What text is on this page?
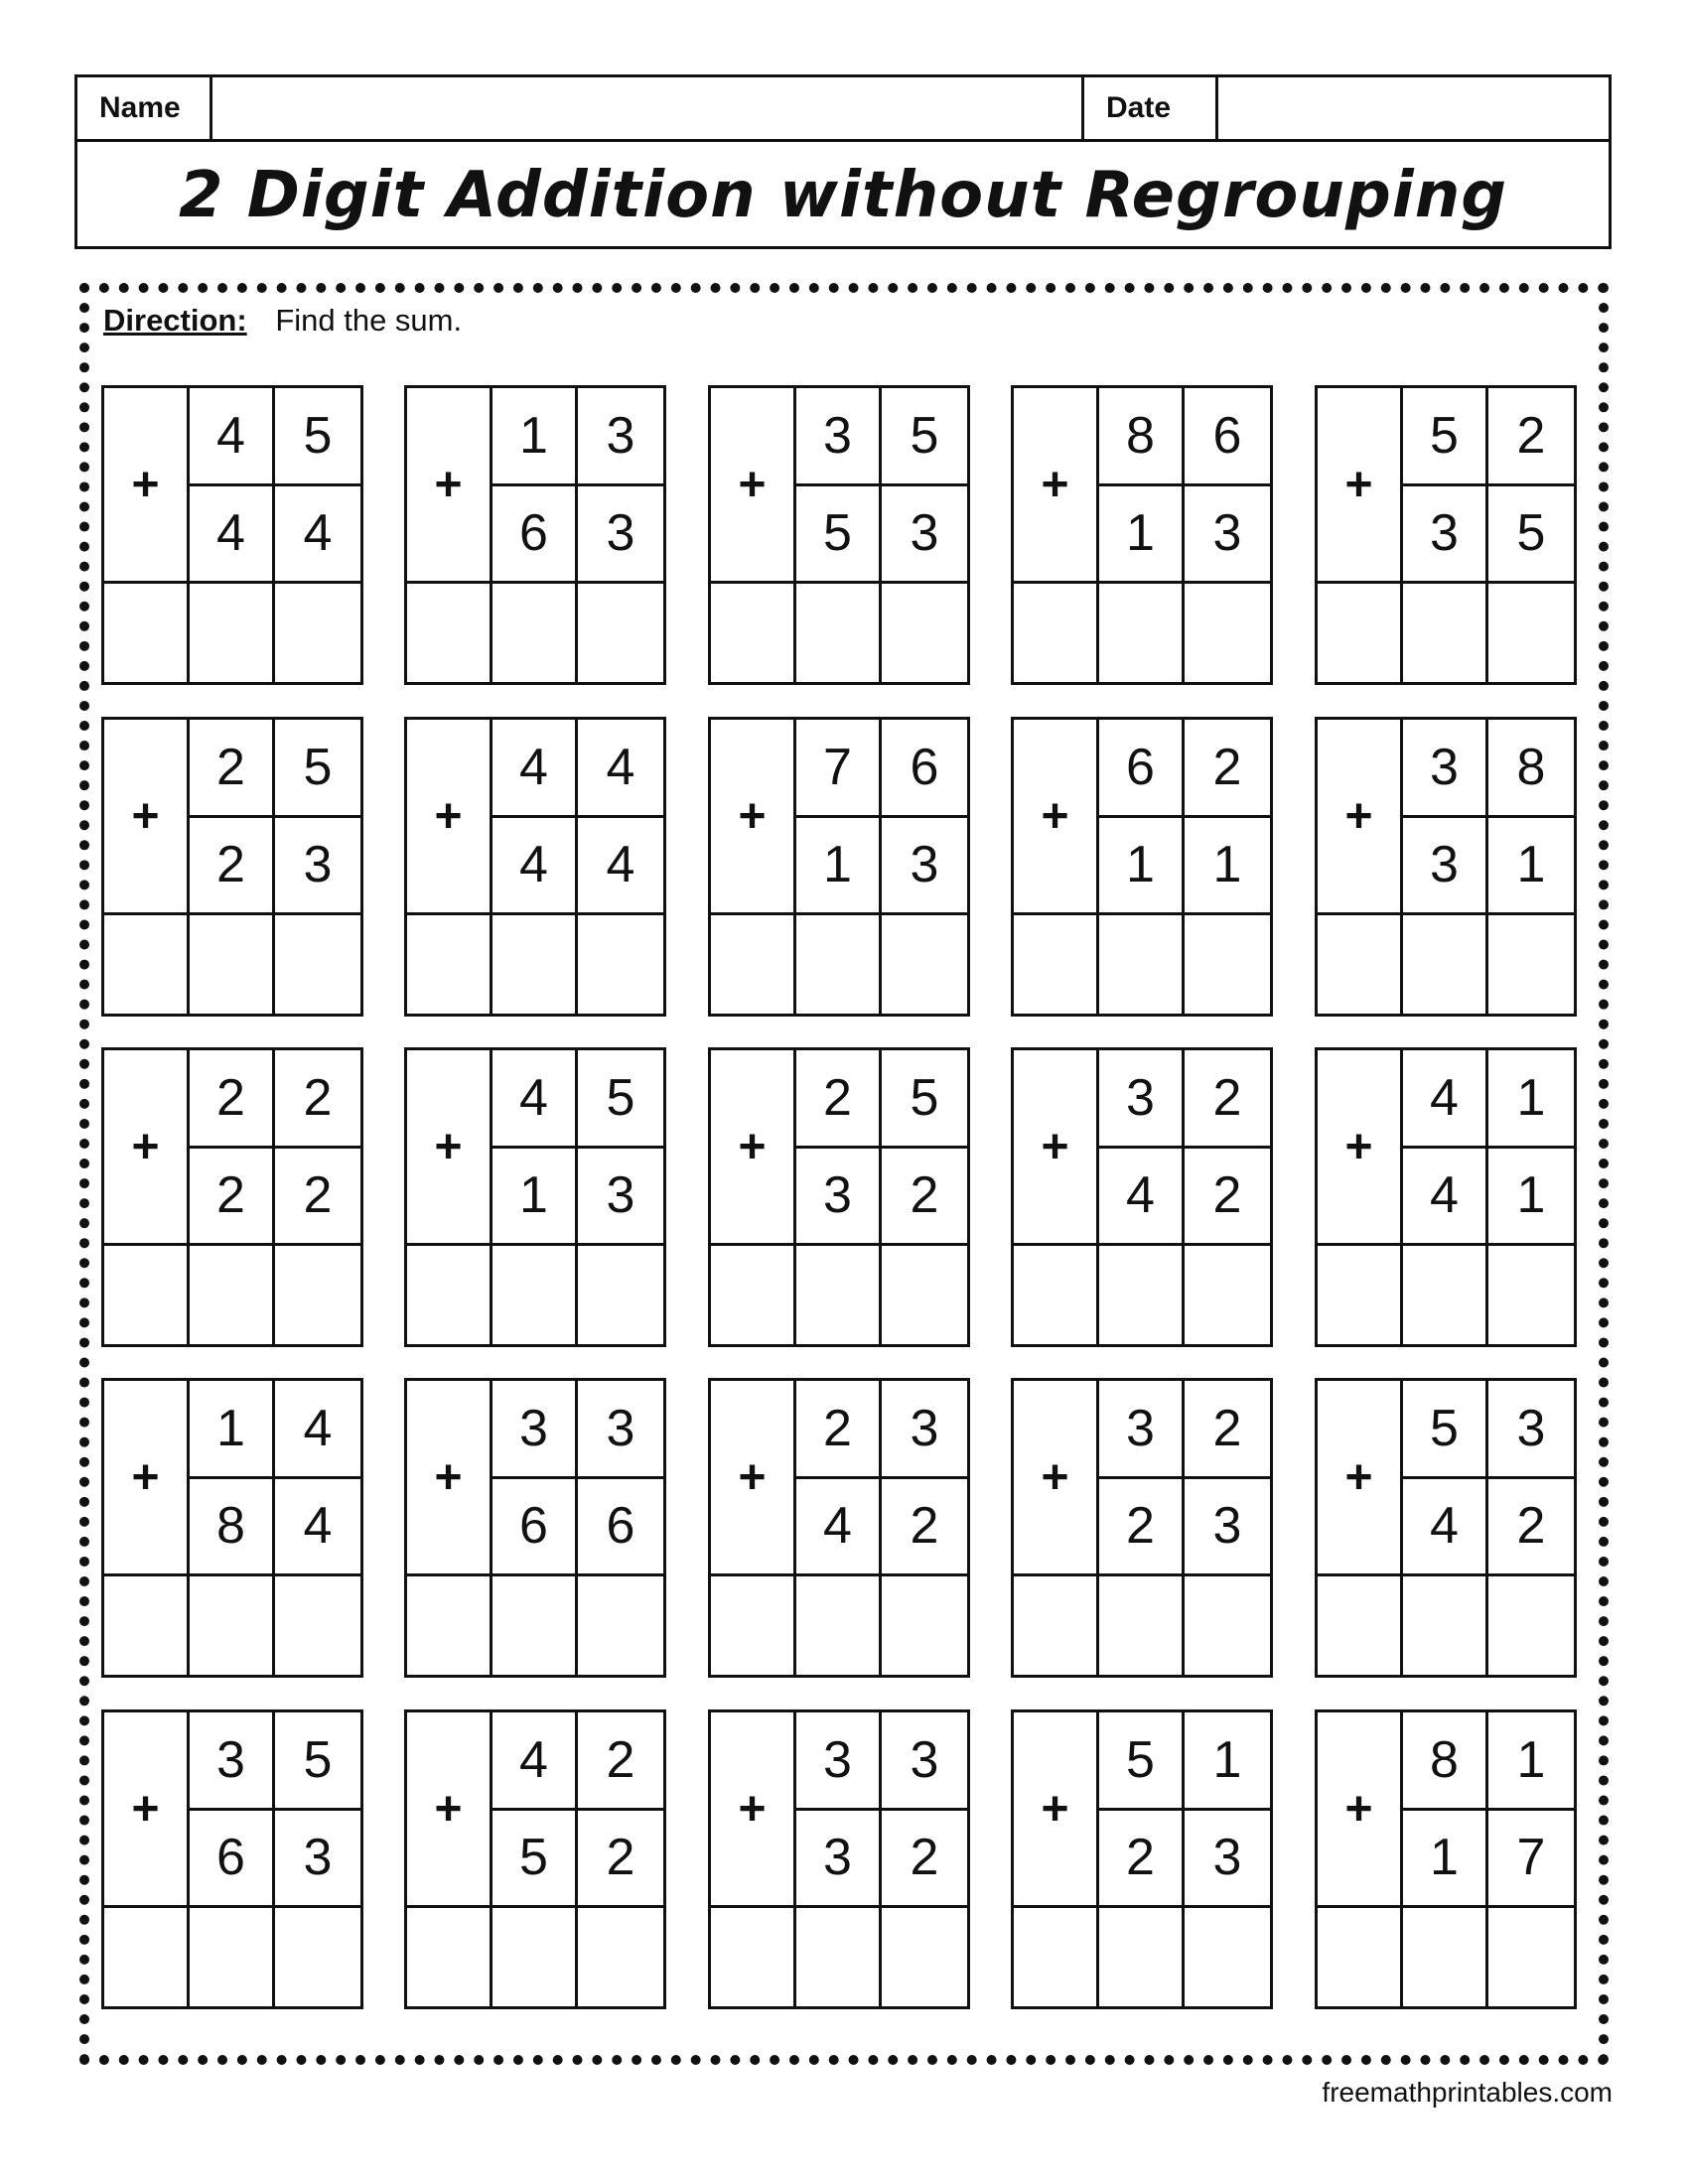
Name	Date
2 Digit Addition without Regrouping
Direction: Find the sum.
+
4	5
4	4
+
1	3
6	3
+
3	5
5	3
+
8	6
1	3
+
5	2
3	5
+
2	5
2	3
+
4	4
4	4
+
7	6
1	3
+
6	2
1	1
+
3	8
3	1
+
2	2
2	2
+
4	5
1	3
+
2	5
3	2
+
3	2
4	2
+
4	1
4	1
+
1	4
8	4
+
3	3
6	6
+
2	3
4	2
+
3	2
2	3
+
5	3
4	2
+
3	5
6	3
+
4	2
5	2
+
3	3
3	2
+
5	1
2	3
+
8	1
1	7
freemathprintables.com
